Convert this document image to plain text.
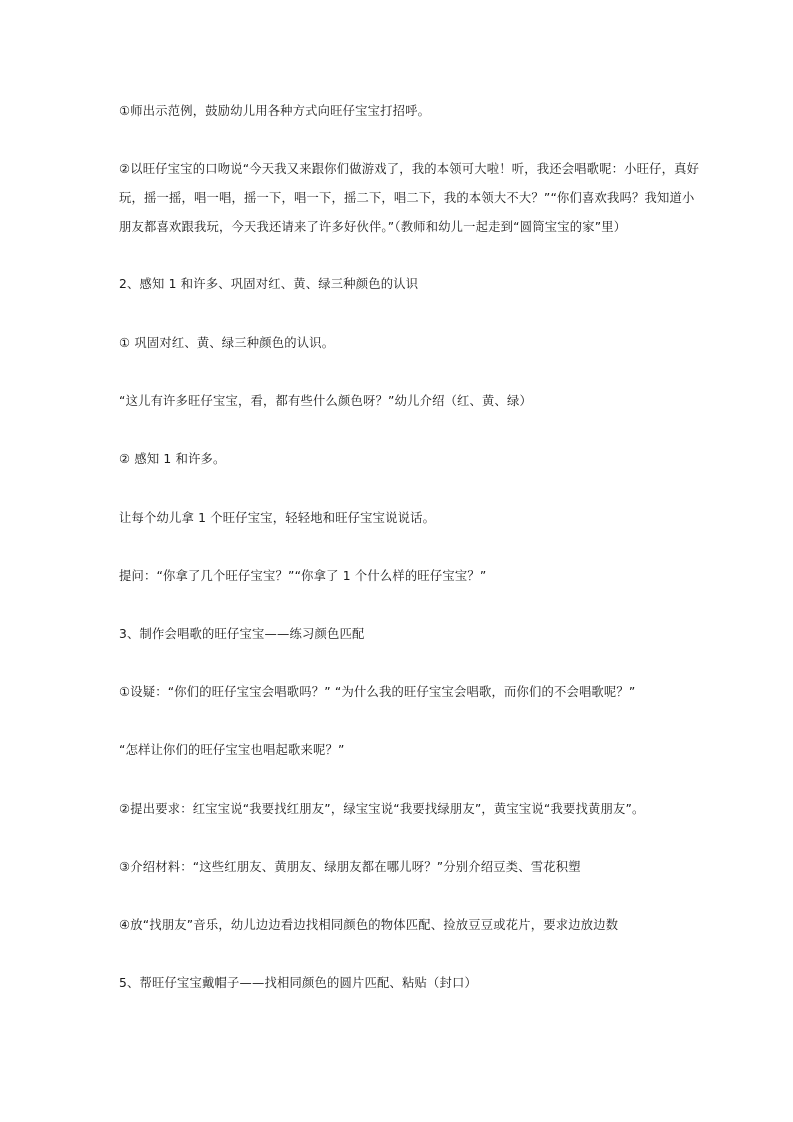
①师出示范例，鼓励幼儿用各种方式向旺仔宝宝打招呼。
②以旺仔宝宝的口吻说“今天我又来跟你们做游戏了，我的本领可大啦！听，我还会唱歌呢：小旺仔，真好
玩，摇一摇，唱一唱，摇一下，唱一下，摇二下，唱二下，我的本领大不大？”“你们喜欢我吗？我知道小
朋友都喜欢跟我玩，今天我还请来了许多好伙伴。”（教师和幼儿一起走到“圆筒宝宝的家”里）
2、感知 1 和许多、巩固对红、黄、绿三种颜色的认识
① 巩固对红、黄、绿三种颜色的认识。
“这儿有许多旺仔宝宝，看，都有些什么颜色呀？”幼儿介绍（红、黄、绿）
② 感知 1 和许多。
让每个幼儿拿 1 个旺仔宝宝，轻轻地和旺仔宝宝说说话。
提问：“你拿了几个旺仔宝宝？”“你拿了 1 个什么样的旺仔宝宝？”
3、制作会唱歌的旺仔宝宝——练习颜色匹配
①设疑：“你们的旺仔宝宝会唱歌吗？” “为什么我的旺仔宝宝会唱歌，而你们的不会唱歌呢？”
“怎样让你们的旺仔宝宝也唱起歌来呢？”
②提出要求：红宝宝说“我要找红朋友”，绿宝宝说“我要找绿朋友”，黄宝宝说“我要找黄朋友”。
③介绍材料：“这些红朋友、黄朋友、绿朋友都在哪儿呀？”分别介绍豆类、雪花积塑
④放“找朋友”音乐，幼儿边边看边找相同颜色的物体匹配、捡放豆豆或花片，要求边放边数
5、帮旺仔宝宝戴帽子——找相同颜色的圆片匹配、粘贴（封口）
